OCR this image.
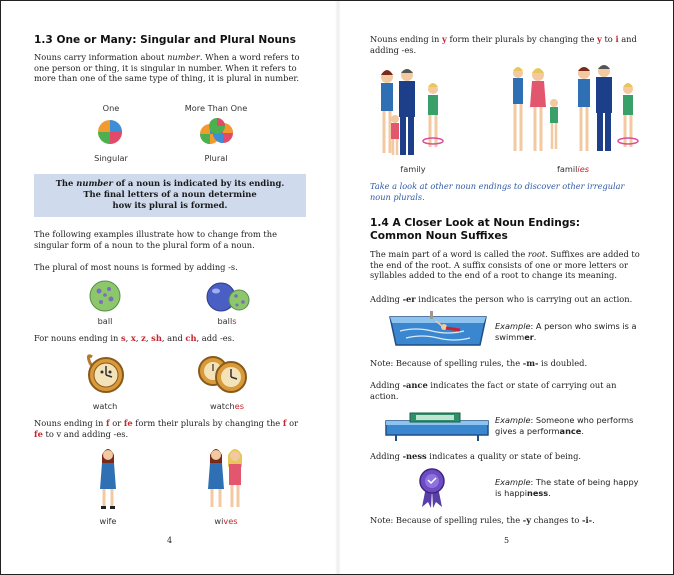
1.3 One or Many: Singular and Plural Nouns
Nouns carry information about number. When a word refers to one person or thing, it is singular in number. When it refers to more than one of the same type of thing, it is plural in number.
One	More Than One
Singular	Plural
The number of a noun is indicated by its ending.
The final letters of a noun determine
how its plural is formed.
The following examples illustrate how to change from the singular form of a noun to the plural form of a noun.
The plural of most nouns is formed by adding -s.
ball	balls
For nouns ending in s, x, z, sh, and ch, add -es.
watch	watches
Nouns ending in f or fe form their plurals by changing the f or fe to v and adding -es.
wife	wives
4
Nouns ending in y form their plurals by changing the y to i and adding -es.
family	families
Take a look at other noun endings to discover other irregular noun plurals.
1.4 A Closer Look at Noun Endings:
Common Noun Suffixes
The main part of a word is called the root. Suffixes are added to the end of the root. A suffix consists of one or more letters or syllables added to the end of a root to change its meaning.
Adding -er indicates the person who is carrying out an action.
Example: A person who swims is a swimmer.
Note: Because of spelling rules, the -m- is doubled.
Adding -ance indicates the fact or state of carrying out an action.
Example: Someone who performs gives a performance.
Adding -ness indicates a quality or state of being.
Example: The state of being happy is happiness.
Note: Because of spelling rules, the -y changes to -i-.
5
